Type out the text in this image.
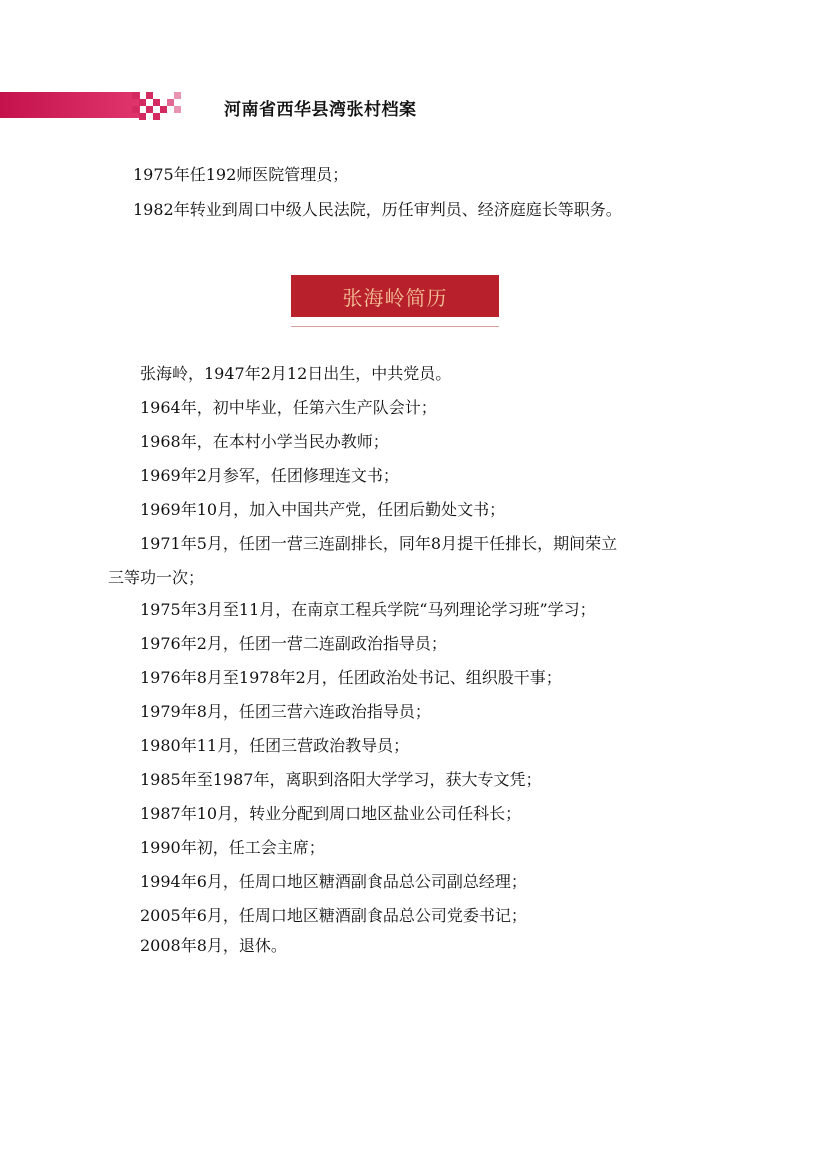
河南省西华县湾张村档案
1975年任192师医院管理员；
1982年转业到周口中级人民法院，历任审判员、经济庭庭长等职务。
张海岭简历
张海岭，1947年2月12日出生，中共党员。
1964年，初中毕业，任第六生产队会计；
1968年，在本村小学当民办教师；
1969年2月参军，任团修理连文书；
1969年10月，加入中国共产党，任团后勤处文书；
1971年5月，任团一营三连副排长，同年8月提干任排长，期间荣立
三等功一次；
1975年3月至11月，在南京工程兵学院“马列理论学习班”学习；
1976年2月，任团一营二连副政治指导员；
1976年8月至1978年2月，任团政治处书记、组织股干事；
1979年8月，任团三营六连政治指导员；
1980年11月，任团三营政治教导员；
1985年至1987年，离职到洛阳大学学习，获大专文凭；
1987年10月，转业分配到周口地区盐业公司任科长；
1990年初，任工会主席；
1994年6月，任周口地区糖酒副食品总公司副总经理；
2005年6月，任周口地区糖酒副食品总公司党委书记；
2008年8月，退休。
